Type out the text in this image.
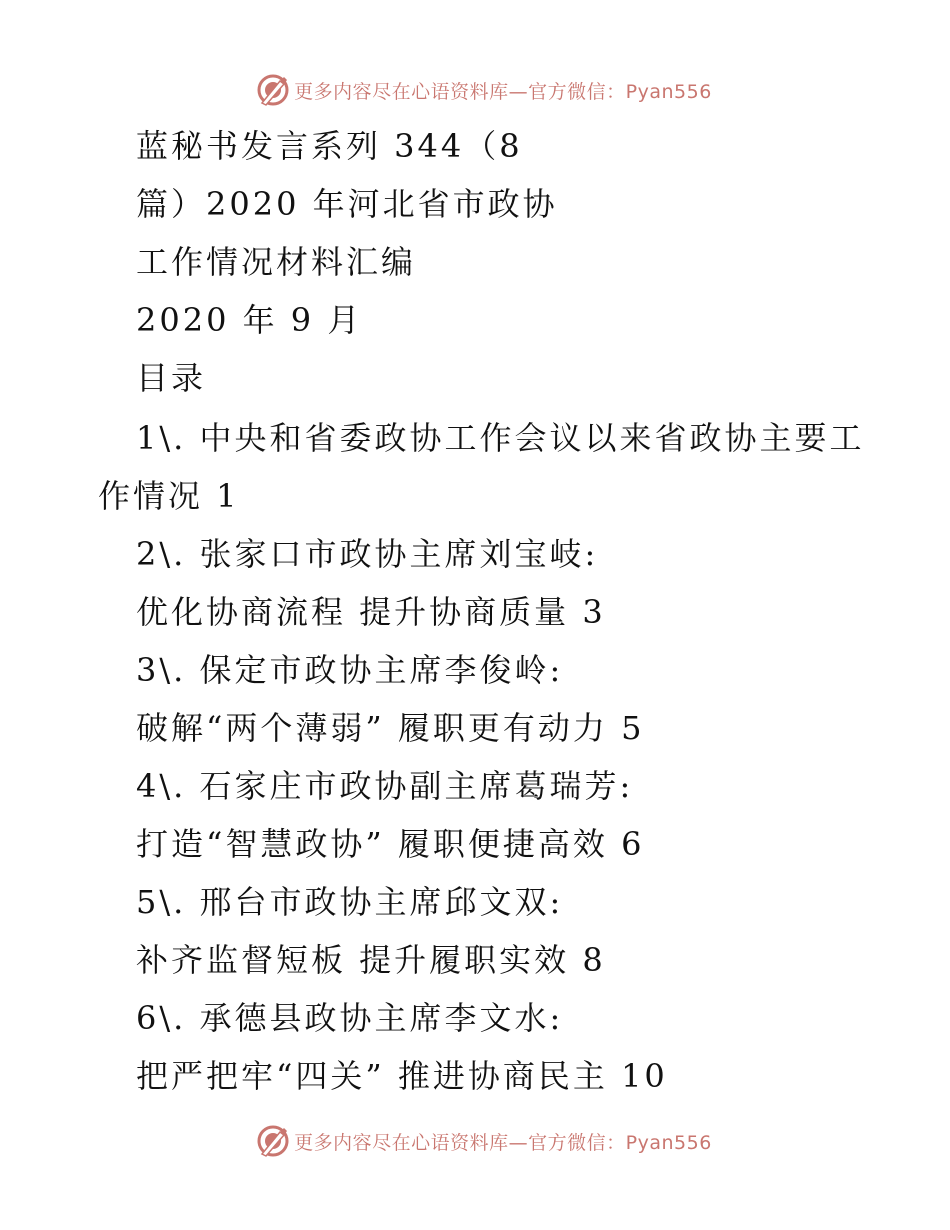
更多内容尽在心语资料库—官方微信：Pyan556
蓝秘书发言系列 344（8
篇）2020 年河北省市政协
工作情况材料汇编
2020 年 9 月
目录
1\. 中央和省委政协工作会议以来省政协主要工
作情况 1
2\. 张家口市政协主席刘宝岐:
优化协商流程 提升协商质量 3
3\. 保定市政协主席李俊岭:
破解“两个薄弱” 履职更有动力 5
4\. 石家庄市政协副主席葛瑞芳:
打造“智慧政协” 履职便捷高效 6
5\. 邢台市政协主席邱文双:
补齐监督短板 提升履职实效 8
6\. 承德县政协主席李文水:
把严把牢“四关” 推进协商民主 10
更多内容尽在心语资料库—官方微信：Pyan556
